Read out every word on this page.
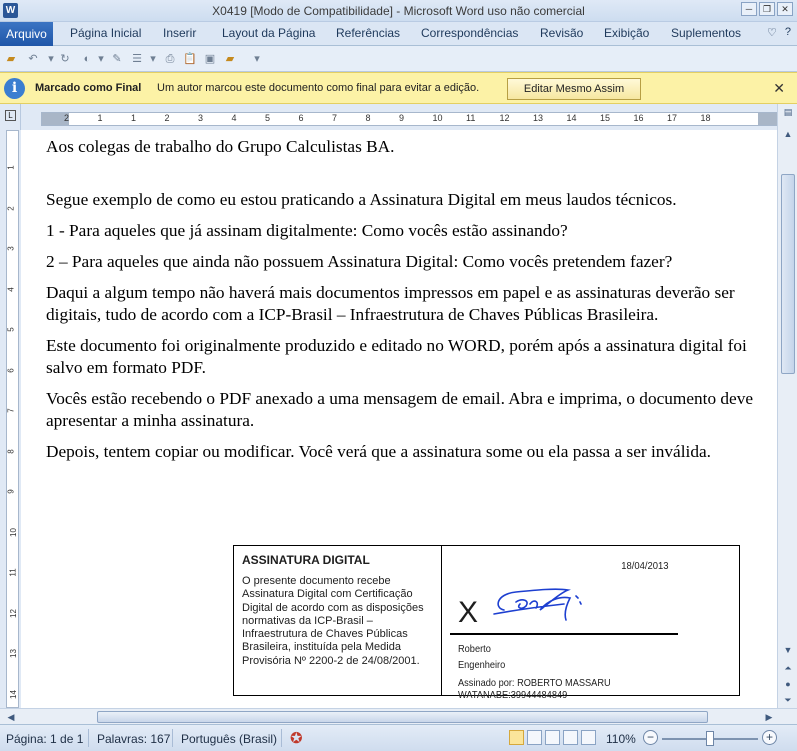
W	X0419 [Modo de Compatibilidade] - Microsoft Word uso não comercial	─	❐	✕
Arquivo	Página Inicial Inserir Layout da Página Referências Correspondências Revisão Exibição Suplementos ♡ ?
▰ ↶ ▾ ↻	◐ ▾ ✎ ☰ ▾ ⎙ 📋 ▣ ▰	▾
i	Marcado como Final Um autor marcou este documento como final para evitar a edição.	Editar Mesmo Assim	✕
L	2	1	1	2	3	4	5	6	7	8	9	10	11	12	13	14	15	16	17	18
1
2
3
4
5
6
7
8
9
10
11
12
13
14

Aos colegas de trabalho do Grupo Calculistas BA.

Segue exemplo de como eu estou praticando a Assinatura Digital em meus laudos técnicos.

1 - Para aqueles que já assinam digitalmente: Como vocês estão assinando?

2 – Para aqueles que ainda não possuem Assinatura Digital: Como vocês pretendem fazer?

Daqui a algum tempo não haverá mais documentos impressos em papel e as assinaturas deverão ser digitais, tudo de acordo com a ICP-Brasil – Infraestrutura de Chaves Públicas Brasileira.

Este documento foi originalmente produzido e editado no WORD, porém após a assinatura digital foi salvo em formato PDF.

Vocês estão recebendo o PDF anexado a uma mensagem de email. Abra e imprima, o documento deve apresentar a minha assinatura.

Depois, tentem copiar ou modificar. Você verá que a assinatura some ou ela passa a ser inválida.

ASSINATURA DIGITAL
O presente documento recebe Assinatura Digital com Certificação Digital de acordo com as disposições normativas da ICP-Brasil – Infraestrutura de Chaves Públicas Brasileira, instituída pela Medida Provisória Nº 2200-2 de 24/08/2001.
18/04/2013
X
Roberto
Engenheiro
Assinado por: ROBERTO MASSARU WATANABE:39944484849
▤
▲
▼
⏶
●
⏷
◀	▶
Página: 1 de 1 Palavras: 167 Português (Brasil) ✪	110% −	+
